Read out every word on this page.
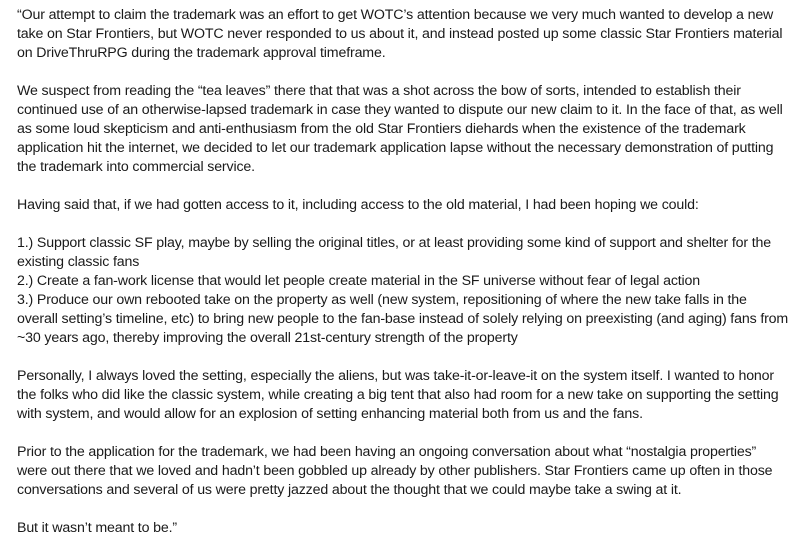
“Our attempt to claim the trademark was an effort to get WOTC’s attention because we very much wanted to develop a new take on Star Frontiers, but WOTC never responded to us about it, and instead posted up some classic Star Frontiers material on DriveThruRPG during the trademark approval timeframe.

We suspect from reading the “tea leaves” there that that was a shot across the bow of sorts, intended to establish their continued use of an otherwise-lapsed trademark in case they wanted to dispute our new claim to it. In the face of that, as well as some loud skepticism and anti-enthusiasm from the old Star Frontiers diehards when the existence of the trademark application hit the internet, we decided to let our trademark application lapse without the necessary demonstration of putting the trademark into commercial service.

Having said that, if we had gotten access to it, including access to the old material, I had been hoping we could:

1.) Support classic SF play, maybe by selling the original titles, or at least providing some kind of support and shelter for the existing classic fans
2.) Create a fan-work license that would let people create material in the SF universe without fear of legal action
3.) Produce our own rebooted take on the property as well (new system, repositioning of where the new take falls in the overall setting’s timeline, etc) to bring new people to the fan-base instead of solely relying on preexisting (and aging) fans from ~30 years ago, thereby improving the overall 21st-century strength of the property

Personally, I always loved the setting, especially the aliens, but was take-it-or-leave-it on the system itself. I wanted to honor the folks who did like the classic system, while creating a big tent that also had room for a new take on supporting the setting with system, and would allow for an explosion of setting enhancing material both from us and the fans.

Prior to the application for the trademark, we had been having an ongoing conversation about what “nostalgia properties” were out there that we loved and hadn’t been gobbled up already by other publishers. Star Frontiers came up often in those conversations and several of us were pretty jazzed about the thought that we could maybe take a swing at it.

But it wasn’t meant to be.”
